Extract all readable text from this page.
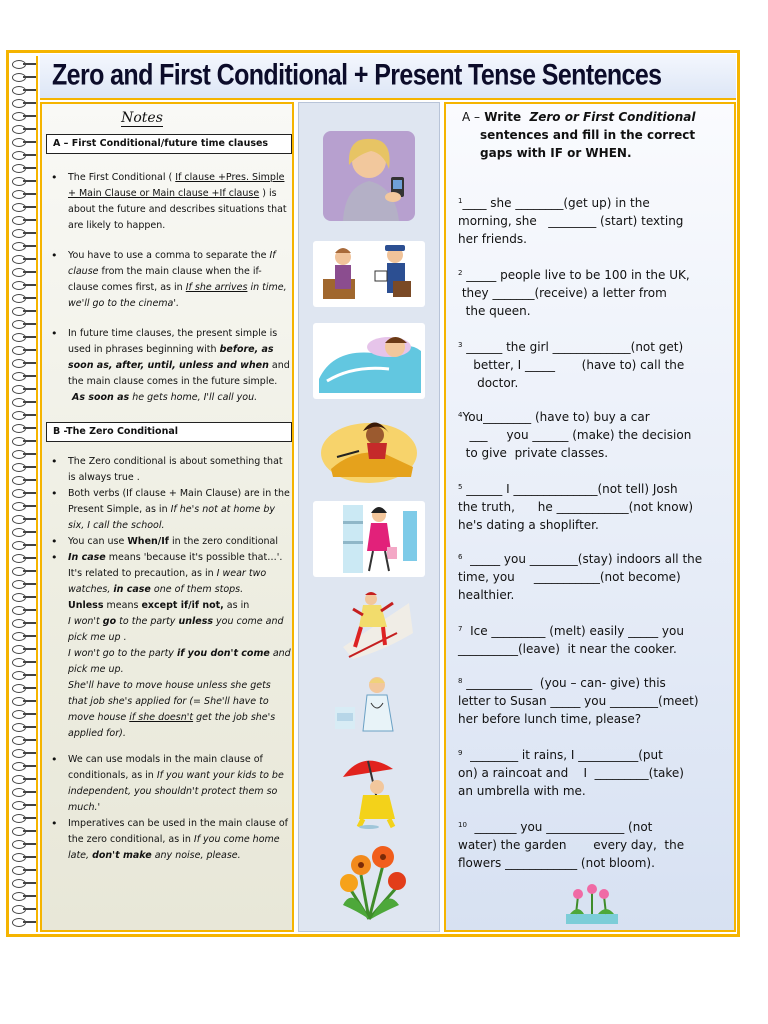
Zero and First Conditional + Present Tense Sentences
Notes
A – First Conditional/future time clauses
• The First Conditional ( If clause +Pres. Simple + Main Clause or Main clause +If clause ) is about the future and describes situations that are likely to happen.
• You have to use a comma to separate the If clause from the main clause when the if- clause comes first, as in If she arrives in time, we'll go to the cinema'.
• In future time clauses, the present simple is used in phrases beginning with before, as soon as, after, until, unless and when and the main clause comes in the future simple.
As soon as he gets home, I'll call you.
B -The Zero Conditional
• The Zero conditional is about something that is always true .
• Both verbs (If clause + Main Clause) are in the Present Simple, as in If he's not at home by six, I call the school.
• You can use When/If in the zero conditional
• In case means 'because it's possible that…'. It's related to precaution, as in I wear two watches, in case one of them stops.
Unless means except if/if not, as in
I won't go to the party unless you come and pick me up .
I won't go to the party if you don't come and pick me up.
She'll have to move house unless she gets that job she's applied for (= She'll have to move house if she doesn't get the job she's applied for).
• We can use modals in the main clause of conditionals, as in If you want your kids to be independent, you shouldn't protect them so much.'
• Imperatives can be used in the main clause of the zero conditional, as in If you come home late, don't make any noise, please.
A – Write Zero or First Conditional
sentences and fill in the correct
gaps with IF or WHEN.
$^1$____ she ________(get up) in the
morning, she   ________ (start) texting
her friends.
$^2$ _____ people live to be 100 in the UK,
they _______(receive) a letter from
the queen.
$^3$ ______ the girl _____________(not get)
better, I _____       (have to) call the
doctor.
$^4$You________ (have to) buy a car
___     you ______ (make) the decision
to give  private classes.
$^5$ ______ I ______________(not tell) Josh
the truth,      he ____________(not know)
he's dating a shoplifter.
$^6$  _____ you ________(stay) indoors all the
time, you     ___________(not become)
healthier.
$^7$  Ice _________ (melt) easily _____ you
__________(leave)  it near the cooker.
$^8$ ___________  (you – can- give) this
letter to Susan _____ you ________(meet)
her before lunch time, please?
$^9$  ________ it rains, I __________(put
on) a raincoat and    I  _________(take)
an umbrella with me.
$^{10}$  _______ you _____________ (not
water) the garden       every day,  the
flowers ____________ (not bloom).
